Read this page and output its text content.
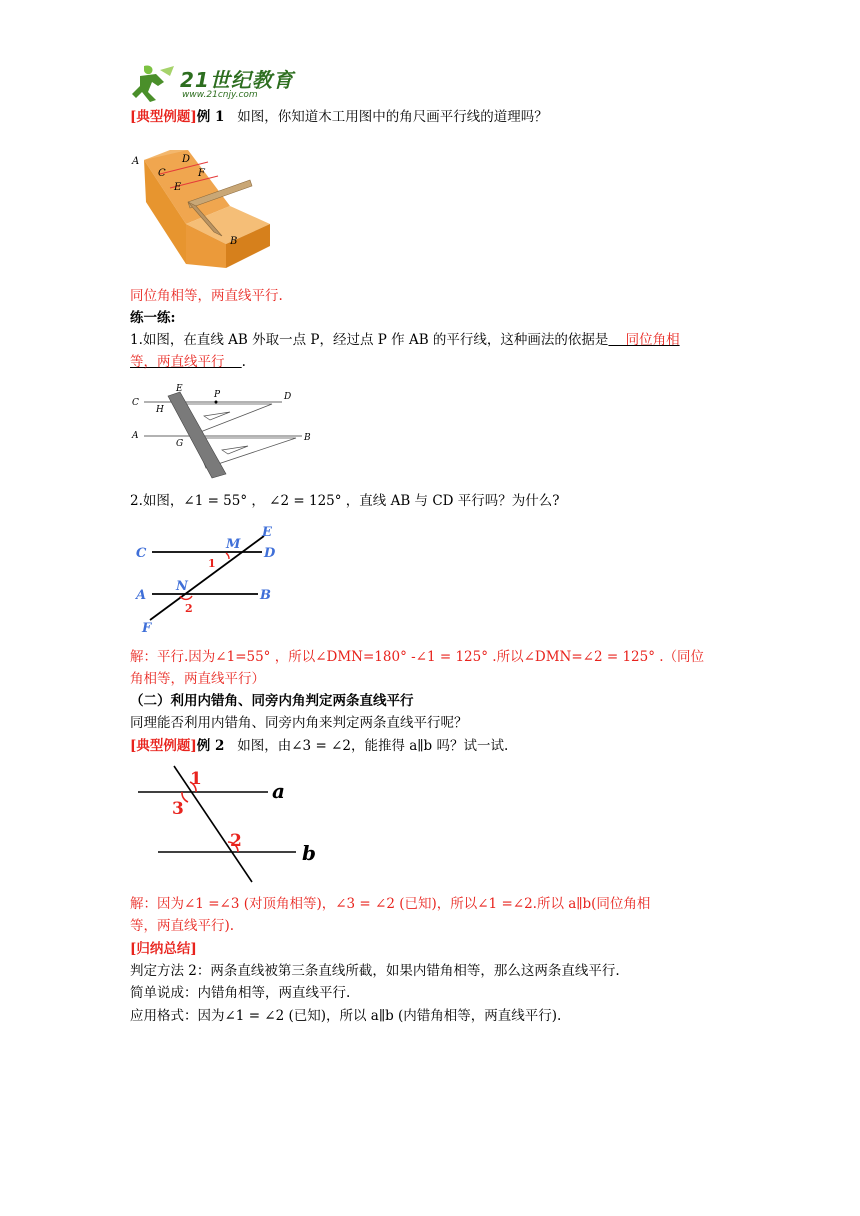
21世纪教育
www.21cnjy.com
[典型例题]例 1 如图，你知道木工用图中的角尺画平行线的道理吗？
A
C
D
E
F
B
同位角相等，两直线平行.
练一练:
1.如图，在直线 AB 外取一点 P，经过点 P 作 AB 的平行线，这种画法的依据是    同位角相
等，两直线平行    .
E
C
H
P	D
A
G
B
2.如图，∠1 = 55° ， ∠2 = 125° ，直线 AB 与 CD 平行吗？为什么?
E
C
M
D
1
A
N
B
2
F
解：平行.因为∠1=55° ，所以∠DMN=180° -∠1 = 125° .所以∠DMN=∠2 = 125° .（同位
角相等，两直线平行）
（二）利用内错角、同旁内角判定两条直线平行
同理能否利用内错角、同旁内角来判定两条直线平行呢？
[典型例题]例 2 如图，由∠3 = ∠2，能推得 a∥b 吗？试一试.
1
3
a
2	b
解：因为∠1 =∠3 (对顶角相等)，∠3 = ∠2 (已知)，所以∠1 =∠2.所以 a∥b(同位角相
等，两直线平行).
[归纳总结]
判定方法 2：两条直线被第三条直线所截，如果内错角相等，那么这两条直线平行.
简单说成：内错角相等，两直线平行.
应用格式：因为∠1 = ∠2 (已知)，所以 a∥b (内错角相等，两直线平行).
